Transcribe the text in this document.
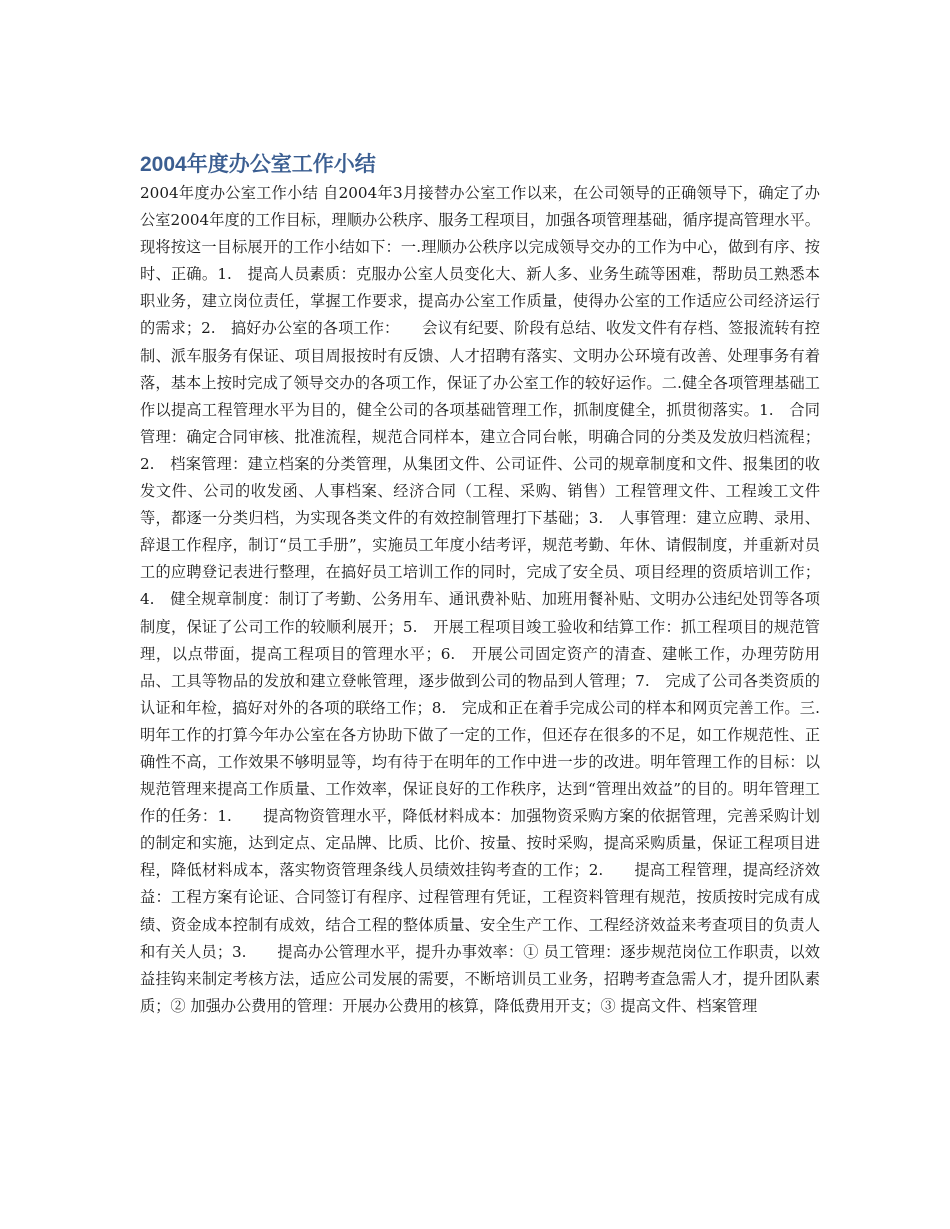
2004年度办公室工作小结

2004年度办公室工作小结 自2004年3月接替办公室工作以来，在公司领导的正确领导下，确定了办公室2004年度的工作目标，理顺办公秩序、服务工程项目，加强各项管理基础，循序提高管理水平。现将按这一目标展开的工作小结如下：一.理顺办公秩序以完成领导交办的工作为中心，做到有序、按时、正确。1.　提高人员素质：克服办公室人员变化大、新人多、业务生疏等困难，帮助员工熟悉本职业务，建立岗位责任，掌握工作要求，提高办公室工作质量，使得办公室的工作适应公司经济运行的需求；2.　搞好办公室的各项工作：　　会议有纪要、阶段有总结、收发文件有存档、签报流转有控制、派车服务有保证、项目周报按时有反馈、人才招聘有落实、文明办公环境有改善、处理事务有着落，基本上按时完成了领导交办的各项工作，保证了办公室工作的较好运作。二.健全各项管理基础工作以提高工程管理水平为目的，健全公司的各项基础管理工作，抓制度健全，抓贯彻落实。1.　合同管理：确定合同审核、批准流程，规范合同样本，建立合同台帐，明确合同的分类及发放归档流程；2.　档案管理：建立档案的分类管理，从集团文件、公司证件、公司的规章制度和文件、报集团的收发文件、公司的收发函、人事档案、经济合同（工程、采购、销售）工程管理文件、工程竣工文件等，都逐一分类归档，为实现各类文件的有效控制管理打下基础；3.　人事管理：建立应聘、录用、辞退工作程序，制订“员工手册”，实施员工年度小结考评，规范考勤、年休、请假制度，并重新对员工的应聘登记表进行整理，在搞好员工培训工作的同时，完成了安全员、项目经理的资质培训工作；4.　健全规章制度：制订了考勤、公务用车、通讯费补贴、加班用餐补贴、文明办公违纪处罚等各项制度，保证了公司工作的较顺利展开；5.　开展工程项目竣工验收和结算工作：抓工程项目的规范管理，以点带面，提高工程项目的管理水平；6.　开展公司固定资产的清查、建帐工作，办理劳防用品、工具等物品的发放和建立登帐管理，逐步做到公司的物品到人管理；7.　完成了公司各类资质的认证和年检，搞好对外的各项的联络工作；8.　完成和正在着手完成公司的样本和网页完善工作。三.明年工作的打算今年办公室在各方协助下做了一定的工作，但还存在很多的不足，如工作规范性、正确性不高，工作效果不够明显等，均有待于在明年的工作中进一步的改进。明年管理工作的目标：以规范管理来提高工作质量、工作效率，保证良好的工作秩序，达到“管理出效益”的目的。明年管理工作的任务：1.　　提高物资管理水平，降低材料成本：加强物资采购方案的依据管理，完善采购计划的制定和实施，达到定点、定品牌、比质、比价、按量、按时采购，提高采购质量，保证工程项目进程，降低材料成本，落实物资管理条线人员绩效挂钩考查的工作；2.　　提高工程管理，提高经济效益：工程方案有论证、合同签订有程序、过程管理有凭证，工程资料管理有规范，按质按时完成有成绩、资金成本控制有成效，结合工程的整体质量、安全生产工作、工程经济效益来考查项目的负责人和有关人员；3.　　提高办公管理水平，提升办事效率：① 员工管理：逐步规范岗位工作职责，以效益挂钩来制定考核方法，适应公司发展的需要，不断培训员工业务，招聘考查急需人才，提升团队素质；② 加强办公费用的管理：开展办公费用的核算，降低费用开支；③ 提高文件、档案管理
